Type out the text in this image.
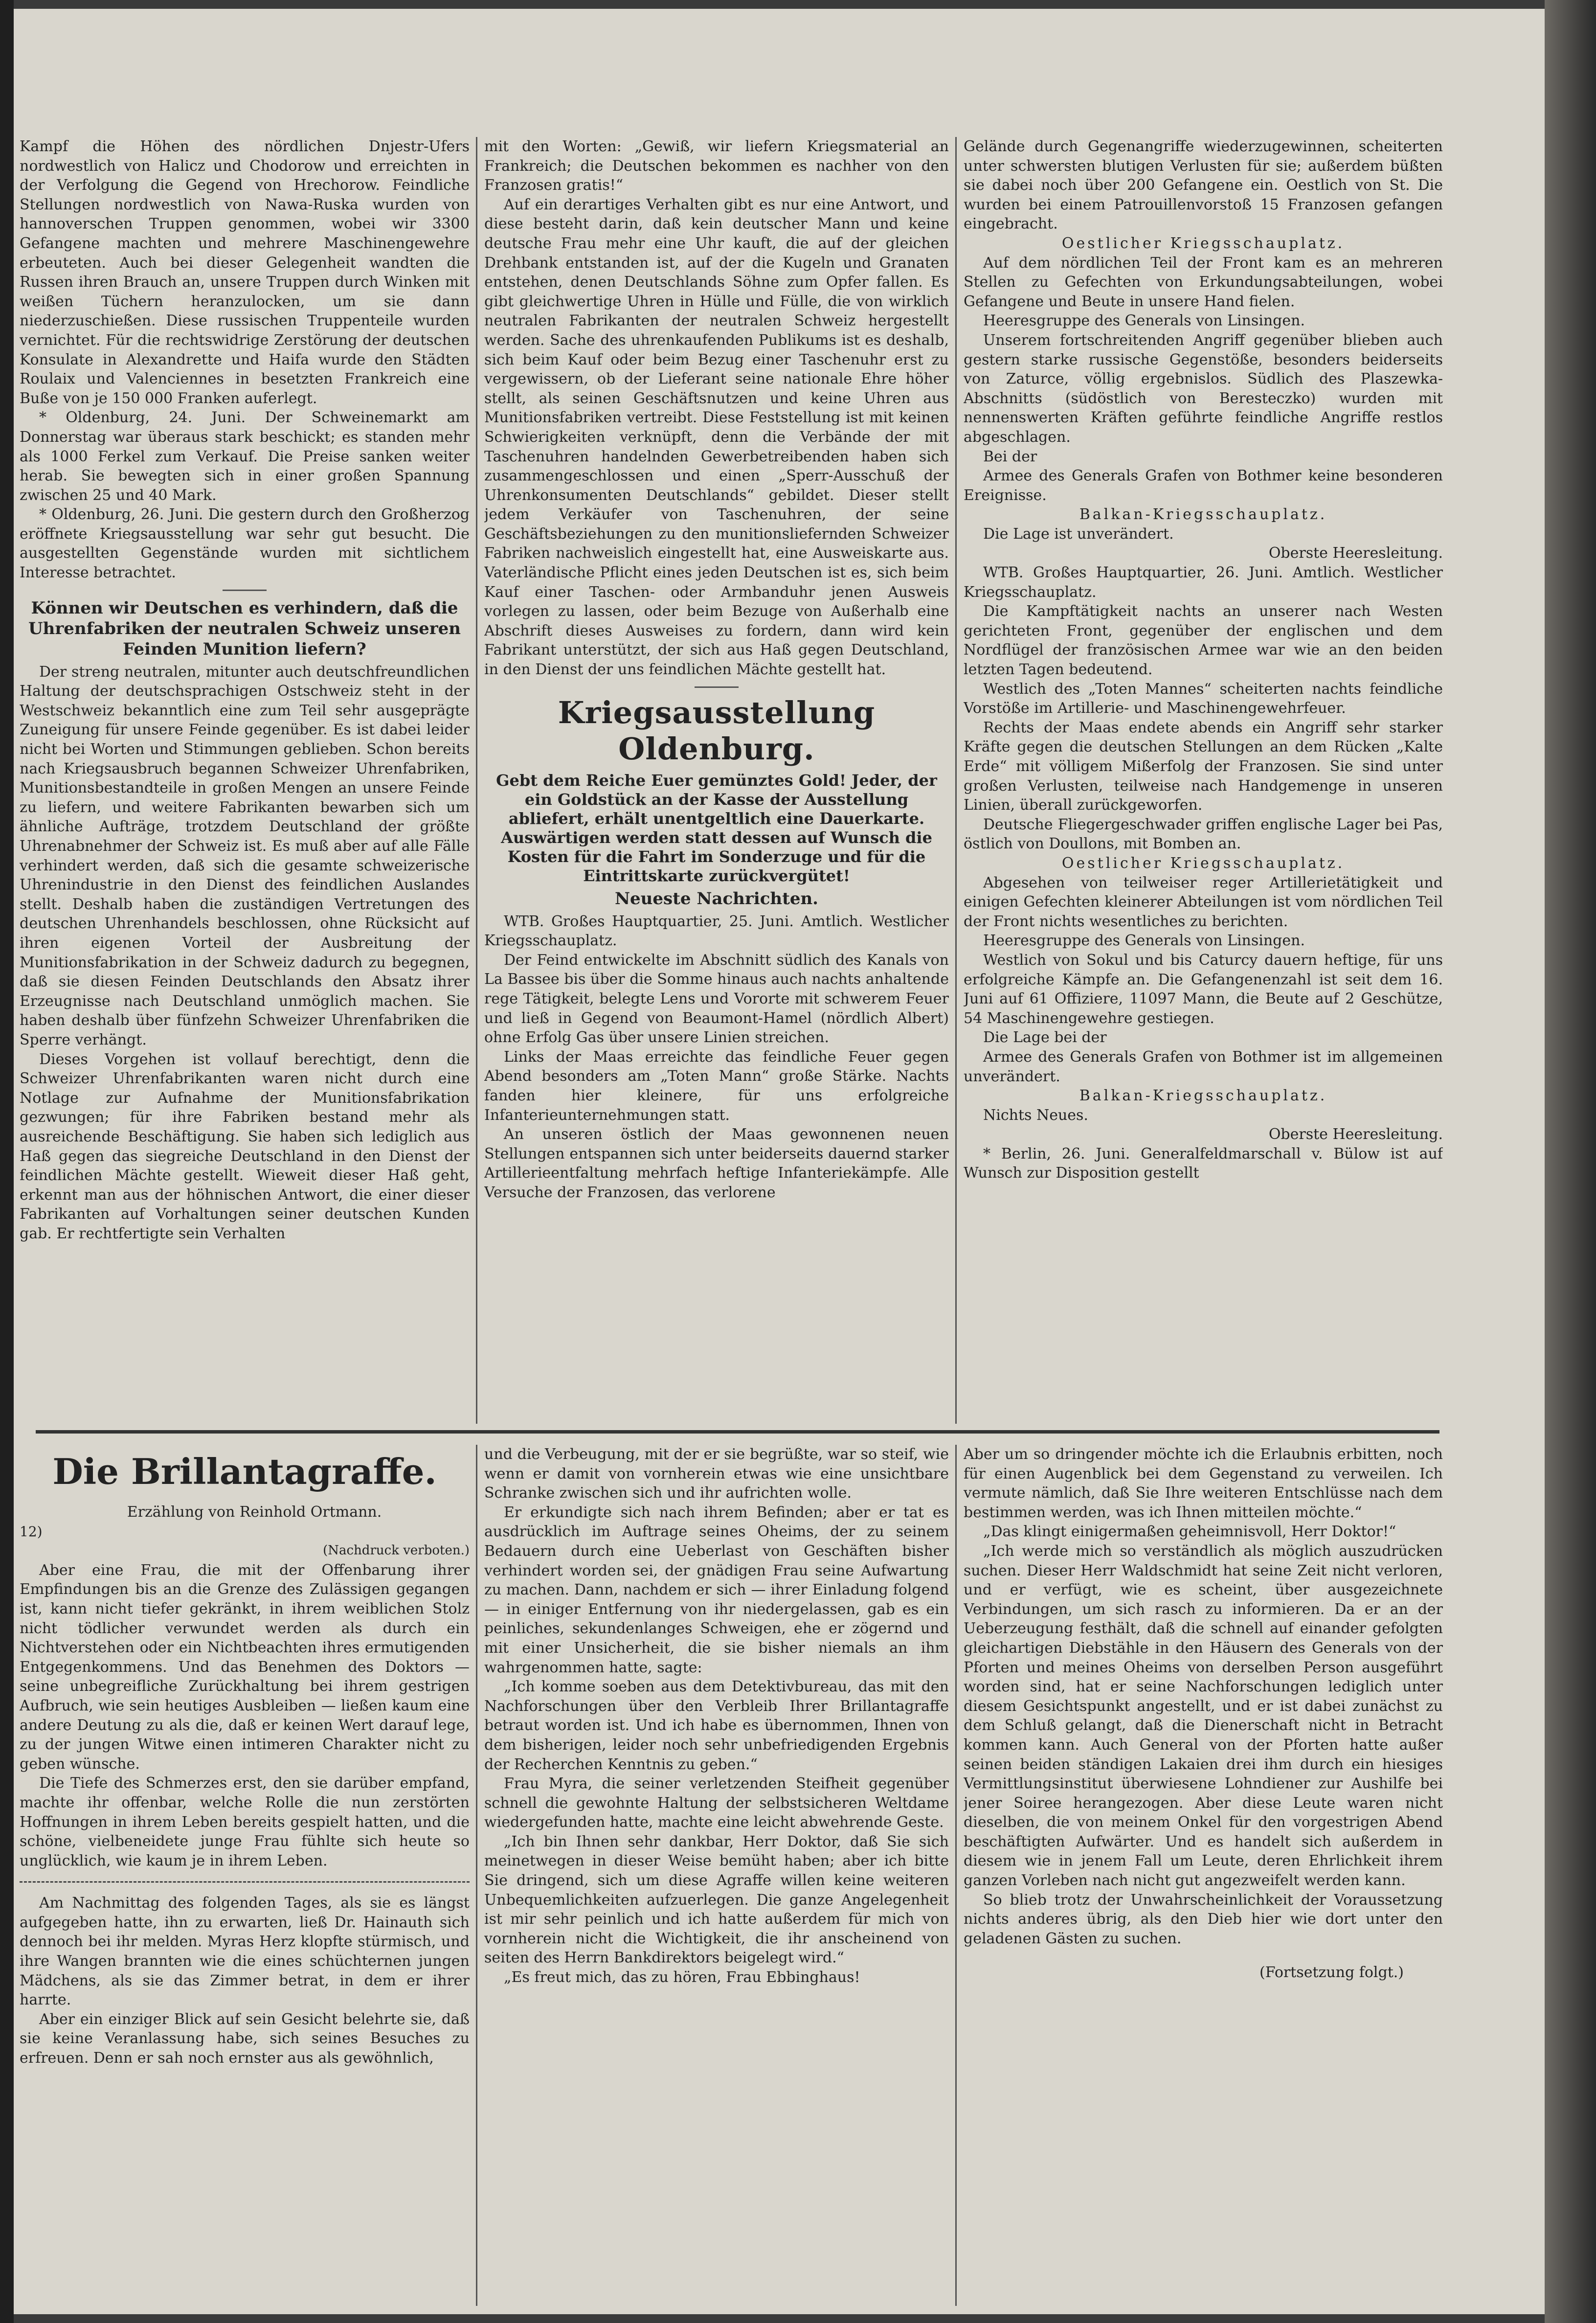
Kampf die Höhen des nördlichen Dnjestr-Ufers nordwestlich von Halicz und Chodorow und erreichten in der Verfolgung die Gegend von Hrechorow. Feindliche Stellungen nordwestlich von Nawa-Ruska wurden von hannoverschen Truppen genommen, wobei wir 3300 Gefangene machten und mehrere Maschinengewehre erbeuteten. Auch bei dieser Gelegenheit wandten die Russen ihren Brauch an, unsere Truppen durch Winken mit weißen Tüchern heranzulocken, um sie dann niederzuschießen. Diese russischen Truppenteile wurden vernichtet. Für die rechtswidrige Zerstörung der deutschen Konsulate in Alexandrette und Haifa wurde den Städten Roulaix und Valenciennes in besetzten Frankreich eine Buße von je 150 000 Franken auferlegt.

* Oldenburg, 24. Juni. Der Schweinemarkt am Donnerstag war überaus stark beschickt; es standen mehr als 1000 Ferkel zum Verkauf. Die Preise sanken weiter herab. Sie bewegten sich in einer großen Spannung zwischen 25 und 40 Mark.

* Oldenburg, 26. Juni. Die gestern durch den Großherzog eröffnete Kriegsausstellung war sehr gut besucht. Die ausgestellten Gegenstände wurden mit sichtlichem Interesse betrachtet.

Können wir Deutschen es verhindern, daß die Uhrenfabriken der neutralen Schweiz unseren Feinden Munition liefern?

Der streng neutralen, mitunter auch deutschfreundlichen Haltung der deutschsprachigen Ostschweiz steht in der Westschweiz bekanntlich eine zum Teil sehr ausgeprägte Zuneigung für unsere Feinde gegenüber. Es ist dabei leider nicht bei Worten und Stimmungen geblieben. Schon bereits nach Kriegsausbruch begannen Schweizer Uhrenfabriken, Munitionsbestandteile in großen Mengen an unsere Feinde zu liefern, und weitere Fabrikanten bewarben sich um ähnliche Aufträge, trotzdem Deutschland der größte Uhrenabnehmer der Schweiz ist. Es muß aber auf alle Fälle verhindert werden, daß sich die gesamte schweizerische Uhrenindustrie in den Dienst des feindlichen Auslandes stellt. Deshalb haben die zuständigen Vertretungen des deutschen Uhrenhandels beschlossen, ohne Rücksicht auf ihren eigenen Vorteil der Ausbreitung der Munitionsfabrikation in der Schweiz dadurch zu begegnen, daß sie diesen Feinden Deutschlands den Absatz ihrer Erzeugnisse nach Deutschland unmöglich machen. Sie haben deshalb über fünfzehn Schweizer Uhrenfabriken die Sperre verhängt.

Dieses Vorgehen ist vollauf berechtigt, denn die Schweizer Uhrenfabrikanten waren nicht durch eine Notlage zur Aufnahme der Munitionsfabrikation gezwungen; für ihre Fabriken bestand mehr als ausreichende Beschäftigung. Sie haben sich lediglich aus Haß gegen das siegreiche Deutschland in den Dienst der feindlichen Mächte gestellt. Wieweit dieser Haß geht, erkennt man aus der höhnischen Antwort, die einer dieser Fabrikanten auf Vorhaltungen seiner deutschen Kunden gab. Er rechtfertigte sein Verhalten

mit den Worten: „Gewiß, wir liefern Kriegsmaterial an Frankreich; die Deutschen bekommen es nachher von den Franzosen gratis!“

Auf ein derartiges Verhalten gibt es nur eine Antwort, und diese besteht darin, daß kein deutscher Mann und keine deutsche Frau mehr eine Uhr kauft, die auf der gleichen Drehbank entstanden ist, auf der die Kugeln und Granaten entstehen, denen Deutschlands Söhne zum Opfer fallen. Es gibt gleichwertige Uhren in Hülle und Fülle, die von wirklich neutralen Fabrikanten der neutralen Schweiz hergestellt werden. Sache des uhrenkaufenden Publikums ist es deshalb, sich beim Kauf oder beim Bezug einer Taschenuhr erst zu vergewissern, ob der Lieferant seine nationale Ehre höher stellt, als seinen Geschäftsnutzen und keine Uhren aus Munitionsfabriken vertreibt. Diese Feststellung ist mit keinen Schwierigkeiten verknüpft, denn die Verbände der mit Taschenuhren handelnden Gewerbetreibenden haben sich zusammengeschlossen und einen „Sperr-Ausschuß der Uhrenkonsumenten Deutschlands“ gebildet. Dieser stellt jedem Verkäufer von Taschenuhren, der seine Geschäftsbeziehungen zu den munitionsliefernden Schweizer Fabriken nachweislich eingestellt hat, eine Ausweiskarte aus. Vaterländische Pflicht eines jeden Deutschen ist es, sich beim Kauf einer Taschen- oder Armbanduhr jenen Ausweis vorlegen zu lassen, oder beim Bezuge von Außerhalb eine Abschrift dieses Ausweises zu fordern, dann wird kein Fabrikant unterstützt, der sich aus Haß gegen Deutschland, in den Dienst der uns feindlichen Mächte gestellt hat.

Kriegsausstellung Oldenburg.

Gebt dem Reiche Euer gemünztes Gold! Jeder, der ein Goldstück an der Kasse der Ausstellung abliefert, erhält unentgeltlich eine Dauerkarte.

Auswärtigen werden statt dessen auf Wunsch die Kosten für die Fahrt im Sonderzuge und für die Eintrittskarte zurückvergütet!

Neueste Nachrichten.

WTB. Großes Hauptquartier, 25. Juni. Amtlich. Westlicher Kriegsschauplatz.

Der Feind entwickelte im Abschnitt südlich des Kanals von La Bassee bis über die Somme hinaus auch nachts anhaltende rege Tätigkeit, belegte Lens und Vororte mit schwerem Feuer und ließ in Gegend von Beaumont-Hamel (nördlich Albert) ohne Erfolg Gas über unsere Linien streichen.

Links der Maas erreichte das feindliche Feuer gegen Abend besonders am „Toten Mann“ große Stärke. Nachts fanden hier kleinere, für uns erfolgreiche Infanterieunternehmungen statt.

An unseren östlich der Maas gewonnenen neuen Stellungen entspannen sich unter beiderseits dauernd starker Artillerieentfaltung mehrfach heftige Infanteriekämpfe. Alle Versuche der Franzosen, das verlorene

Gelände durch Gegenangriffe wiederzugewinnen, scheiterten unter schwersten blutigen Verlusten für sie; außerdem büßten sie dabei noch über 200 Gefangene ein. Oestlich von St. Die wurden bei einem Patrouillenvorstoß 15 Franzosen gefangen eingebracht.

Oestlicher Kriegsschauplatz.

Auf dem nördlichen Teil der Front kam es an mehreren Stellen zu Gefechten von Erkundungsabteilungen, wobei Gefangene und Beute in unsere Hand fielen.

Heeresgruppe des Generals von Linsingen.

Unserem fortschreitenden Angriff gegenüber blieben auch gestern starke russische Gegenstöße, besonders beiderseits von Zaturce, völlig ergebnislos. Südlich des Plaszewka-Abschnitts (südöstlich von Beresteczko) wurden mit nennenswerten Kräften geführte feindliche Angriffe restlos abgeschlagen.

Bei der

Armee des Generals Grafen von Bothmer keine besonderen Ereignisse.

Balkan-Kriegsschauplatz.

Die Lage ist unverändert.

Oberste Heeresleitung.

WTB. Großes Hauptquartier, 26. Juni. Amtlich. Westlicher Kriegsschauplatz.

Die Kampftätigkeit nachts an unserer nach Westen gerichteten Front, gegenüber der englischen und dem Nordflügel der französischen Armee war wie an den beiden letzten Tagen bedeutend.

Westlich des „Toten Mannes“ scheiterten nachts feindliche Vorstöße im Artillerie- und Maschinengewehrfeuer.

Rechts der Maas endete abends ein Angriff sehr starker Kräfte gegen die deutschen Stellungen an dem Rücken „Kalte Erde“ mit völligem Mißerfolg der Franzosen. Sie sind unter großen Verlusten, teilweise nach Handgemenge in unseren Linien, überall zurückgeworfen.

Deutsche Fliegergeschwader griffen englische Lager bei Pas, östlich von Doullons, mit Bomben an.

Oestlicher Kriegsschauplatz.

Abgesehen von teilweiser reger Artillerietätigkeit und einigen Gefechten kleinerer Abteilungen ist vom nördlichen Teil der Front nichts wesentliches zu berichten.

Heeresgruppe des Generals von Linsingen.

Westlich von Sokul und bis Caturcy dauern heftige, für uns erfolgreiche Kämpfe an. Die Gefangenenzahl ist seit dem 16. Juni auf 61 Offiziere, 11097 Mann, die Beute auf 2 Geschütze, 54 Maschinengewehre gestiegen.

Die Lage bei der

Armee des Generals Grafen von Bothmer ist im allgemeinen unverändert.

Balkan-Kriegsschauplatz.

Nichts Neues.

Oberste Heeresleitung.

* Berlin, 26. Juni. Generalfeldmarschall v. Bülow ist auf Wunsch zur Disposition gestellt

Die Brillantagraffe.

Erzählung von Reinhold Ortmann.

12)

(Nachdruck verboten.)

Aber eine Frau, die mit der Offenbarung ihrer Empfindungen bis an die Grenze des Zulässigen gegangen ist, kann nicht tiefer gekränkt, in ihrem weiblichen Stolz nicht tödlicher verwundet werden als durch ein Nichtverstehen oder ein Nichtbeachten ihres ermutigenden Entgegenkommens. Und das Benehmen des Doktors — seine unbegreifliche Zurückhaltung bei ihrem gestrigen Aufbruch, wie sein heutiges Ausbleiben — ließen kaum eine andere Deutung zu als die, daß er keinen Wert darauf lege, zu der jungen Witwe einen intimeren Charakter nicht zu geben wünsche.

Die Tiefe des Schmerzes erst, den sie darüber empfand, machte ihr offenbar, welche Rolle die nun zerstörten Hoffnungen in ihrem Leben bereits gespielt hatten, und die schöne, vielbeneidete junge Frau fühlte sich heute so unglücklich, wie kaum je in ihrem Leben.

Am Nachmittag des folgenden Tages, als sie es längst aufgegeben hatte, ihn zu erwarten, ließ Dr. Hainauth sich dennoch bei ihr melden. Myras Herz klopfte stürmisch, und ihre Wangen brannten wie die eines schüchternen jungen Mädchens, als sie das Zimmer betrat, in dem er ihrer harrte.

Aber ein einziger Blick auf sein Gesicht belehrte sie, daß sie keine Veranlassung habe, sich seines Besuches zu erfreuen. Denn er sah noch ernster aus als gewöhnlich,

und die Verbeugung, mit der er sie begrüßte, war so steif, wie wenn er damit von vornherein etwas wie eine unsichtbare Schranke zwischen sich und ihr aufrichten wolle.

Er erkundigte sich nach ihrem Befinden; aber er tat es ausdrücklich im Auftrage seines Oheims, der zu seinem Bedauern durch eine Ueberlast von Geschäften bisher verhindert worden sei, der gnädigen Frau seine Aufwartung zu machen. Dann, nachdem er sich — ihrer Einladung folgend — in einiger Entfernung von ihr niedergelassen, gab es ein peinliches, sekundenlanges Schweigen, ehe er zögernd und mit einer Unsicherheit, die sie bisher niemals an ihm wahrgenommen hatte, sagte:

„Ich komme soeben aus dem Detektivbureau, das mit den Nachforschungen über den Verbleib Ihrer Brillantagraffe betraut worden ist. Und ich habe es übernommen, Ihnen von dem bisherigen, leider noch sehr unbefriedigenden Ergebnis der Recherchen Kenntnis zu geben.“

Frau Myra, die seiner verletzenden Steifheit gegenüber schnell die gewohnte Haltung der selbstsicheren Weltdame wiedergefunden hatte, machte eine leicht abwehrende Geste.

„Ich bin Ihnen sehr dankbar, Herr Doktor, daß Sie sich meinetwegen in dieser Weise bemüht haben; aber ich bitte Sie dringend, sich um diese Agraffe willen keine weiteren Unbequemlichkeiten aufzuerlegen. Die ganze Angelegenheit ist mir sehr peinlich und ich hatte außerdem für mich von vornherein nicht die Wichtigkeit, die ihr anscheinend von seiten des Herrn Bankdirektors beigelegt wird.“

„Es freut mich, das zu hören, Frau Ebbinghaus!

Aber um so dringender möchte ich die Erlaubnis erbitten, noch für einen Augenblick bei dem Gegenstand zu verweilen. Ich vermute nämlich, daß Sie Ihre weiteren Entschlüsse nach dem bestimmen werden, was ich Ihnen mitteilen möchte.“

„Das klingt einigermaßen geheimnisvoll, Herr Doktor!“

„Ich werde mich so verständlich als möglich auszudrücken suchen. Dieser Herr Waldschmidt hat seine Zeit nicht verloren, und er verfügt, wie es scheint, über ausgezeichnete Verbindungen, um sich rasch zu informieren. Da er an der Ueberzeugung festhält, daß die schnell auf einander gefolgten gleichartigen Diebstähle in den Häusern des Generals von der Pforten und meines Oheims von derselben Person ausgeführt worden sind, hat er seine Nachforschungen lediglich unter diesem Gesichtspunkt angestellt, und er ist dabei zunächst zu dem Schluß gelangt, daß die Dienerschaft nicht in Betracht kommen kann. Auch General von der Pforten hatte außer seinen beiden ständigen Lakaien drei ihm durch ein hiesiges Vermittlungsinstitut überwiesene Lohndiener zur Aushilfe bei jener Soiree herangezogen. Aber diese Leute waren nicht dieselben, die von meinem Onkel für den vorgestrigen Abend beschäftigten Aufwärter. Und es handelt sich außerdem in diesem wie in jenem Fall um Leute, deren Ehrlichkeit ihrem ganzen Vorleben nach nicht gut angezweifelt werden kann.

So blieb trotz der Unwahrscheinlichkeit der Voraussetzung nichts anderes übrig, als den Dieb hier wie dort unter den geladenen Gästen zu suchen.

(Fortsetzung folgt.)
